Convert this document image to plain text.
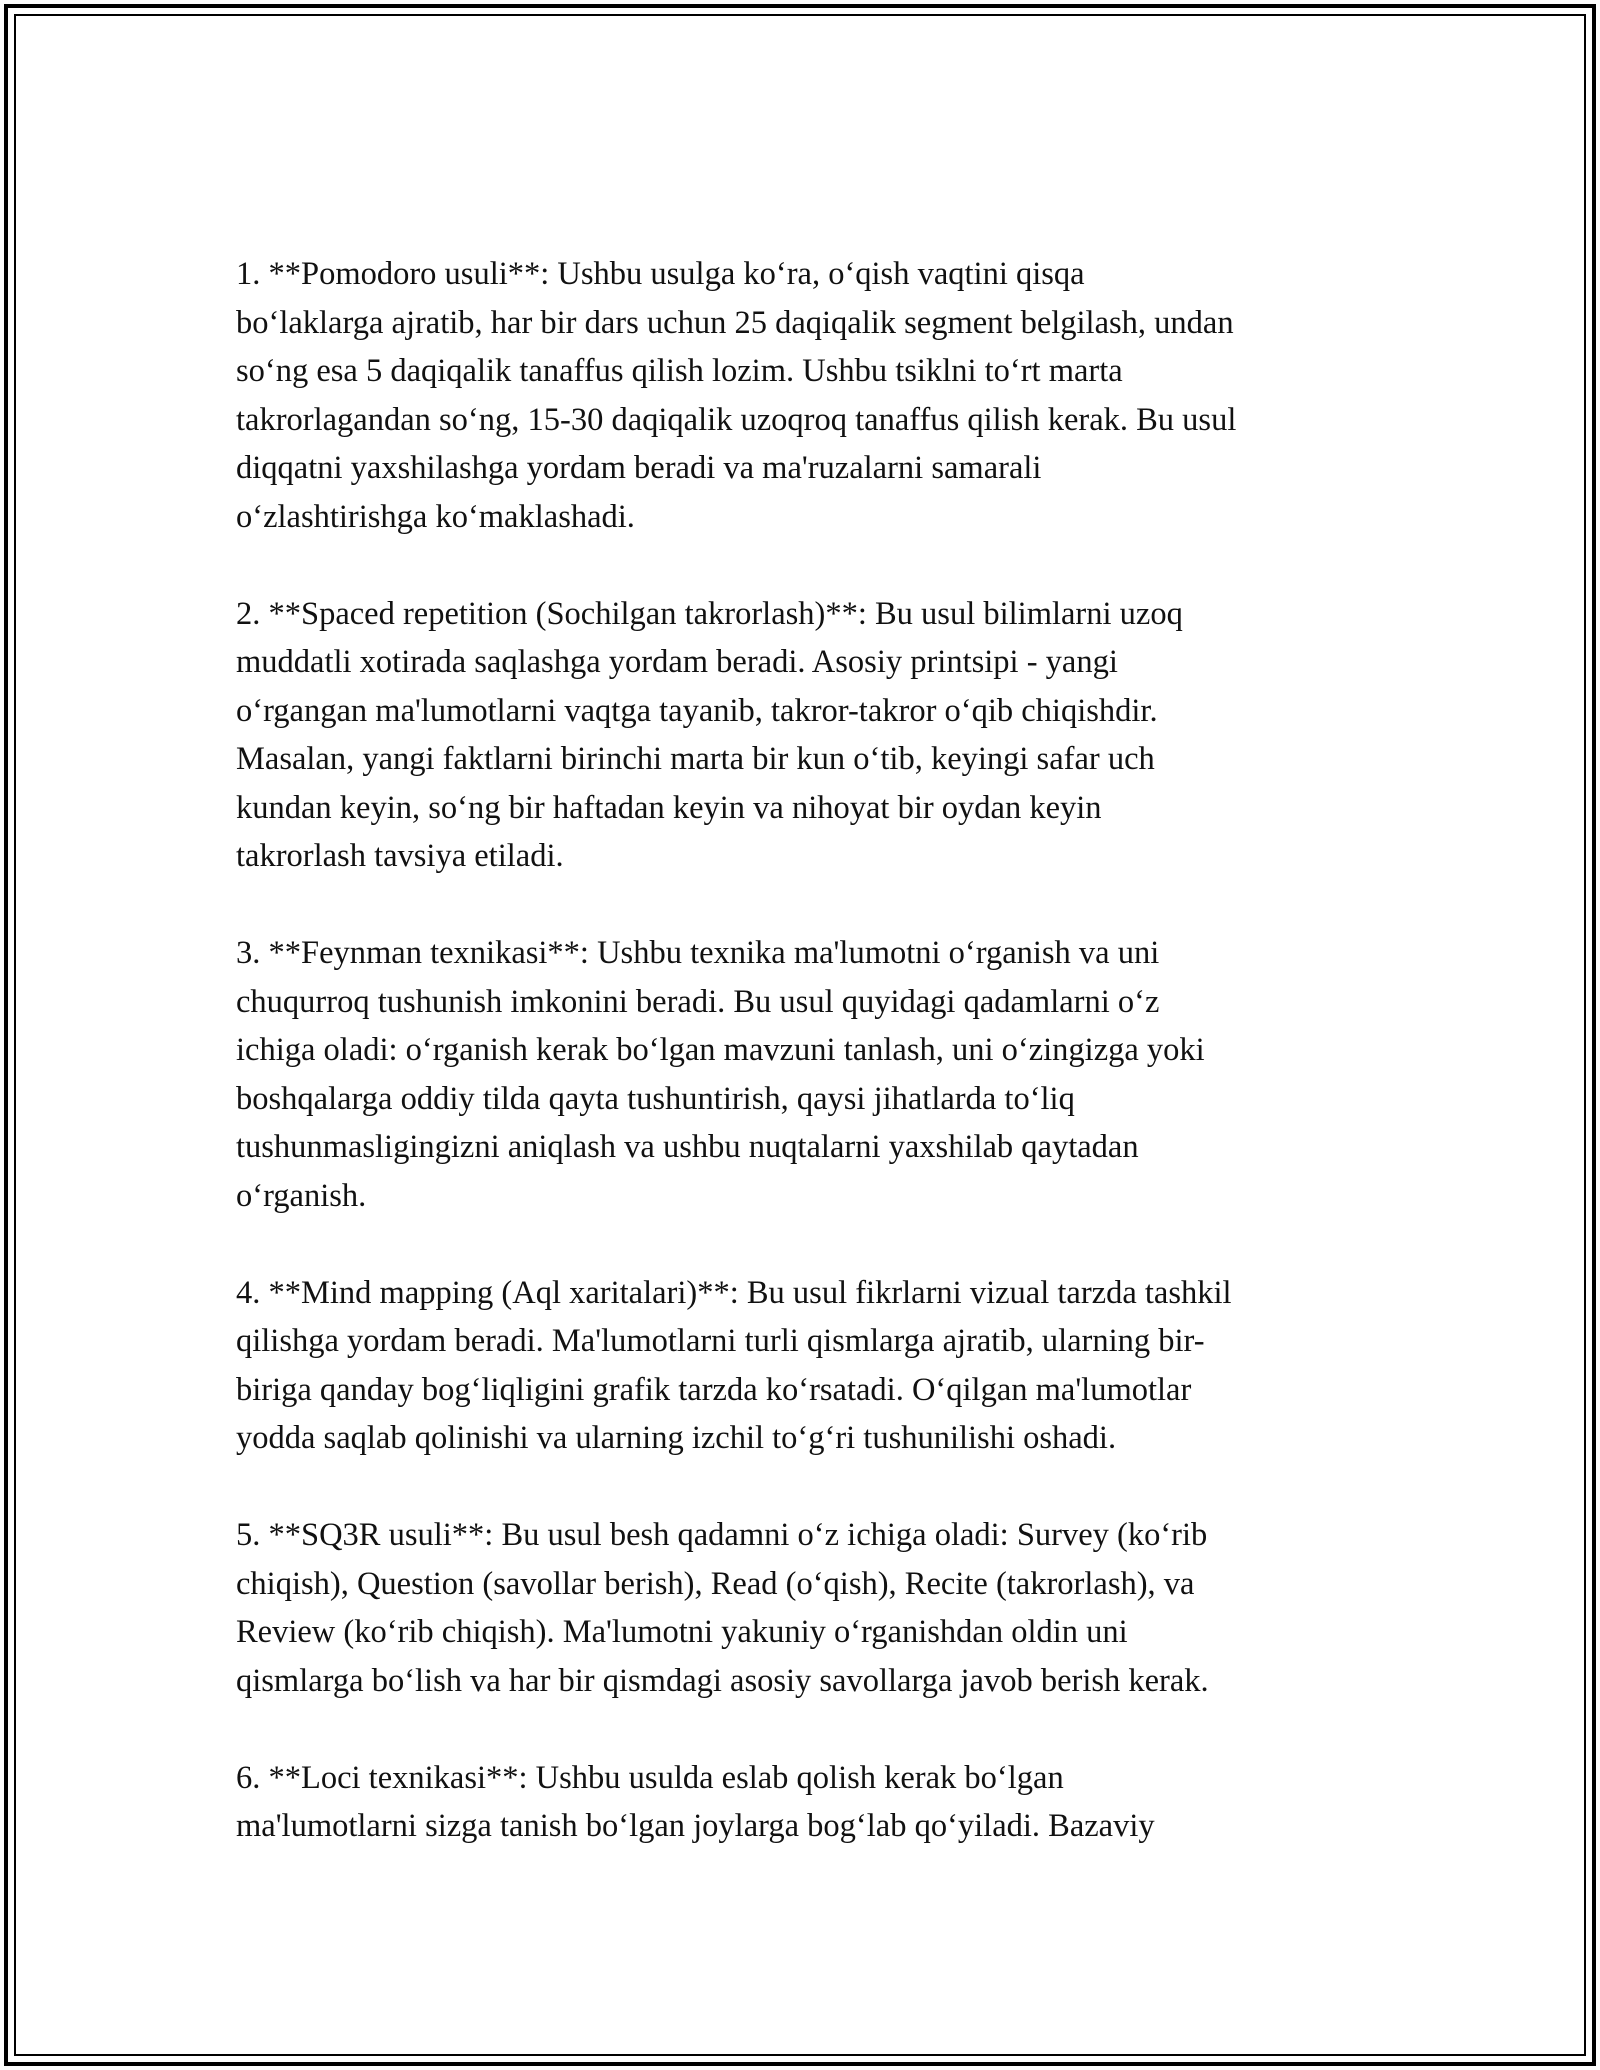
1. **Pomodoro usuli**: Ushbu usulga ko‘ra, o‘qish vaqtini qisqa
bo‘laklarga ajratib, har bir dars uchun 25 daqiqalik segment belgilash, undan
so‘ng esa 5 daqiqalik tanaffus qilish lozim. Ushbu tsiklni to‘rt marta
takrorlagandan so‘ng, 15-30 daqiqalik uzoqroq tanaffus qilish kerak. Bu usul
diqqatni yaxshilashga yordam beradi va ma'ruzalarni samarali
o‘zlashtirishga ko‘maklashadi.

2. **Spaced repetition (Sochilgan takrorlash)**: Bu usul bilimlarni uzoq
muddatli xotirada saqlashga yordam beradi. Asosiy printsipi - yangi
o‘rgangan ma'lumotlarni vaqtga tayanib, takror-takror o‘qib chiqishdir.
Masalan, yangi faktlarni birinchi marta bir kun o‘tib, keyingi safar uch
kundan keyin, so‘ng bir haftadan keyin va nihoyat bir oydan keyin
takrorlash tavsiya etiladi.

3. **Feynman texnikasi**: Ushbu texnika ma'lumotni o‘rganish va uni
chuqurroq tushunish imkonini beradi. Bu usul quyidagi qadamlarni o‘z
ichiga oladi: o‘rganish kerak bo‘lgan mavzuni tanlash, uni o‘zingizga yoki
boshqalarga oddiy tilda qayta tushuntirish, qaysi jihatlarda to‘liq
tushunmasligingizni aniqlash va ushbu nuqtalarni yaxshilab qaytadan
o‘rganish.

4. **Mind mapping (Aql xaritalari)**: Bu usul fikrlarni vizual tarzda tashkil
qilishga yordam beradi. Ma'lumotlarni turli qismlarga ajratib, ularning bir-
biriga qanday bog‘liqligini grafik tarzda ko‘rsatadi. O‘qilgan ma'lumotlar
yodda saqlab qolinishi va ularning izchil to‘g‘ri tushunilishi oshadi.

5. **SQ3R usuli**: Bu usul besh qadamni o‘z ichiga oladi: Survey (ko‘rib
chiqish), Question (savollar berish), Read (o‘qish), Recite (takrorlash), va
Review (ko‘rib chiqish). Ma'lumotni yakuniy o‘rganishdan oldin uni
qismlarga bo‘lish va har bir qismdagi asosiy savollarga javob berish kerak.

6. **Loci texnikasi**: Ushbu usulda eslab qolish kerak bo‘lgan
ma'lumotlarni sizga tanish bo‘lgan joylarga bog‘lab qo‘yiladi. Bazaviy
